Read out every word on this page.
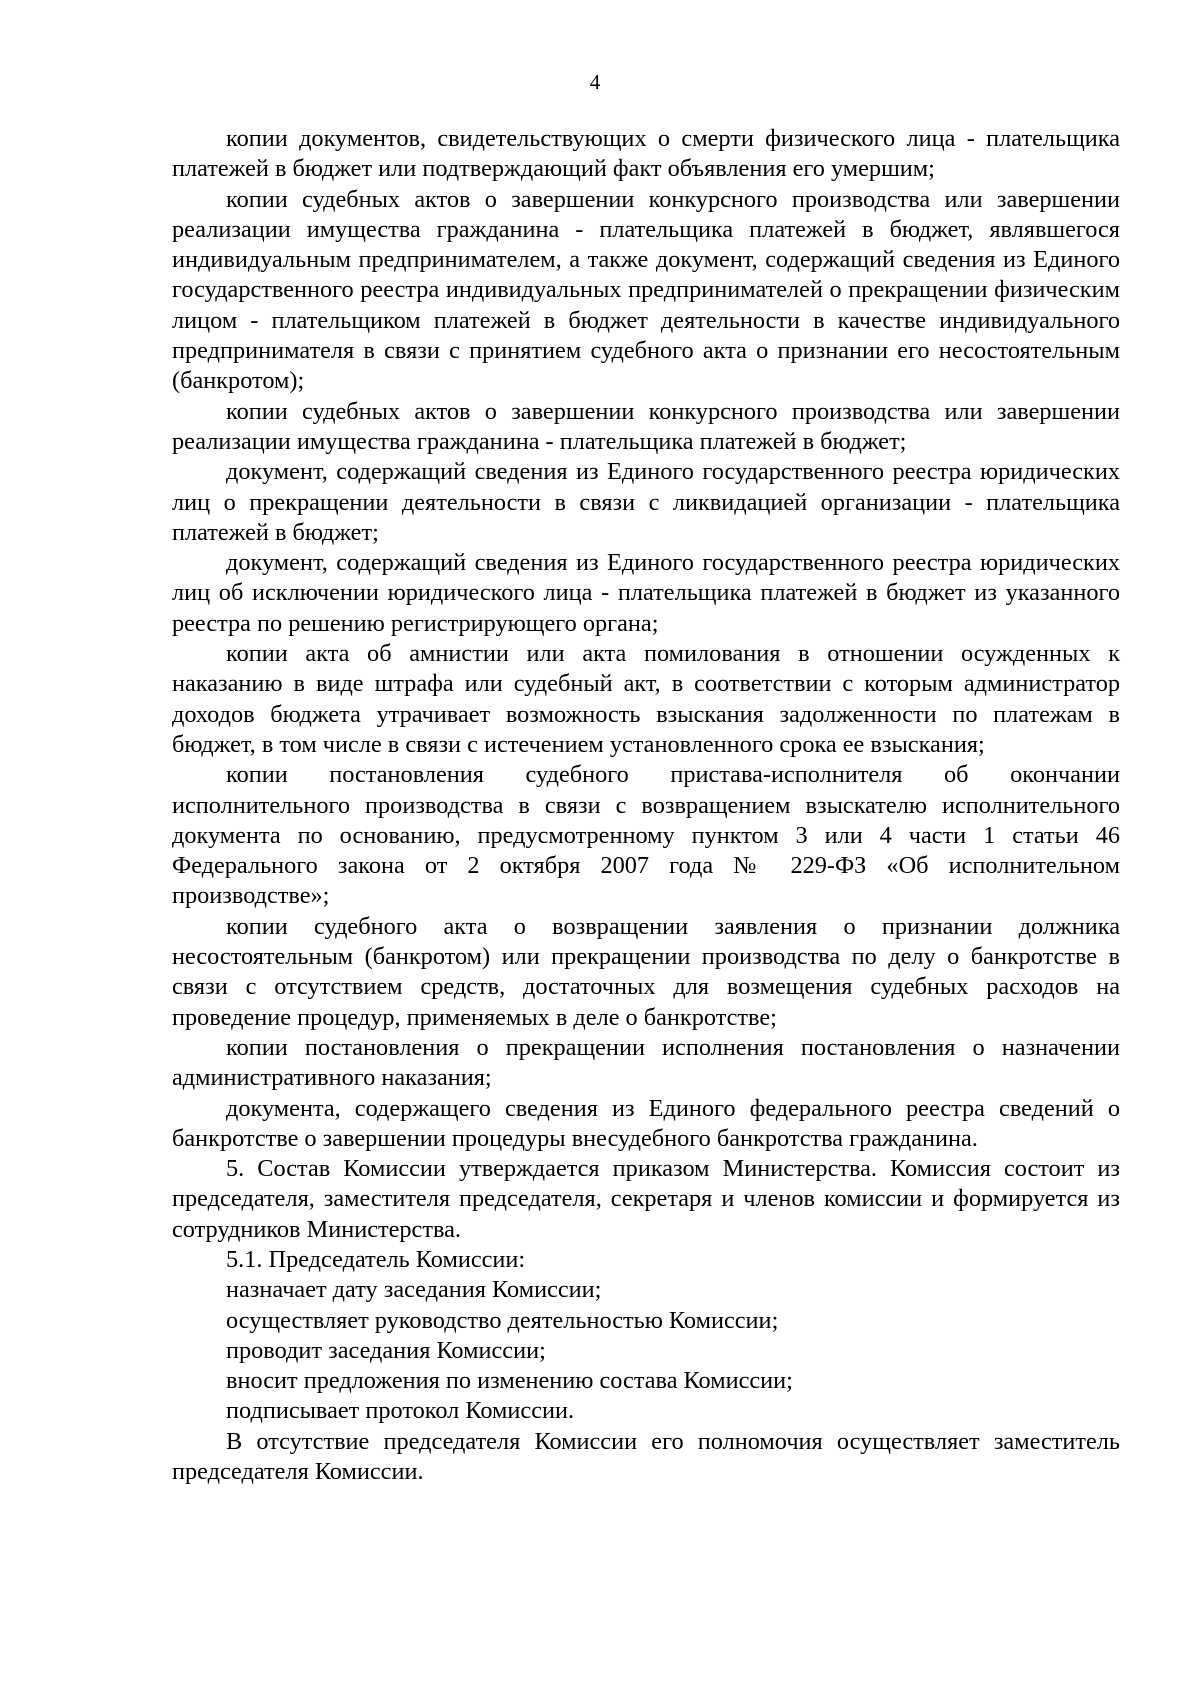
4

копии документов, свидетельствующих о смерти физического лица - плательщика платежей в бюджет или подтверждающий факт объявления его умершим;

копии судебных актов о завершении конкурсного производства или завершении реализации имущества гражданина - плательщика платежей в бюджет, являвшегося индивидуальным предпринимателем, а также документ, содержащий сведения из Единого государственного реестра индивидуальных предпринимателей о прекращении физическим лицом - плательщиком платежей в бюджет деятельности в качестве индивидуального предпринимателя в связи с принятием судебного акта о признании его несостоятельным (банкротом);

копии судебных актов о завершении конкурсного производства или завершении реализации имущества гражданина - плательщика платежей в бюджет;

документ, содержащий сведения из Единого государственного реестра юридических лиц о прекращении деятельности в связи с ликвидацией организации - плательщика платежей в бюджет;

документ, содержащий сведения из Единого государственного реестра юридических лиц об исключении юридического лица - плательщика платежей в бюджет из указанного реестра по решению регистрирующего органа;

копии акта об амнистии или акта помилования в отношении осужденных к наказанию в виде штрафа или судебный акт, в соответствии с которым администратор доходов бюджета утрачивает возможность взыскания задолженности по платежам в бюджет, в том числе в связи с истечением установленного срока ее взыскания;

копии постановления судебного пристава-исполнителя об окончании исполнительного производства в связи с возвращением взыскателю исполнительного документа по основанию, предусмотренному пунктом 3 или 4 части 1 статьи 46 Федерального закона от 2 октября 2007 года № 229-ФЗ «Об исполнительном производстве»;

копии судебного акта о возвращении заявления о признании должника несостоятельным (банкротом) или прекращении производства по делу о банкротстве в связи с отсутствием средств, достаточных для возмещения судебных расходов на проведение процедур, применяемых в деле о банкротстве;

копии постановления о прекращении исполнения постановления о назначении административного наказания;

документа, содержащего сведения из Единого федерального реестра сведений о банкротстве о завершении процедуры внесудебного банкротства гражданина.

5. Состав Комиссии утверждается приказом Министерства. Комиссия состоит из председателя, заместителя председателя, секретаря и членов комиссии и формируется из сотрудников Министерства.

5.1. Председатель Комиссии:

назначает дату заседания Комиссии;

осуществляет руководство деятельностью Комиссии;

проводит заседания Комиссии;

вносит предложения по изменению состава Комиссии;

подписывает протокол Комиссии.

В отсутствие председателя Комиссии его полномочия осуществляет заместитель председателя Комиссии.
